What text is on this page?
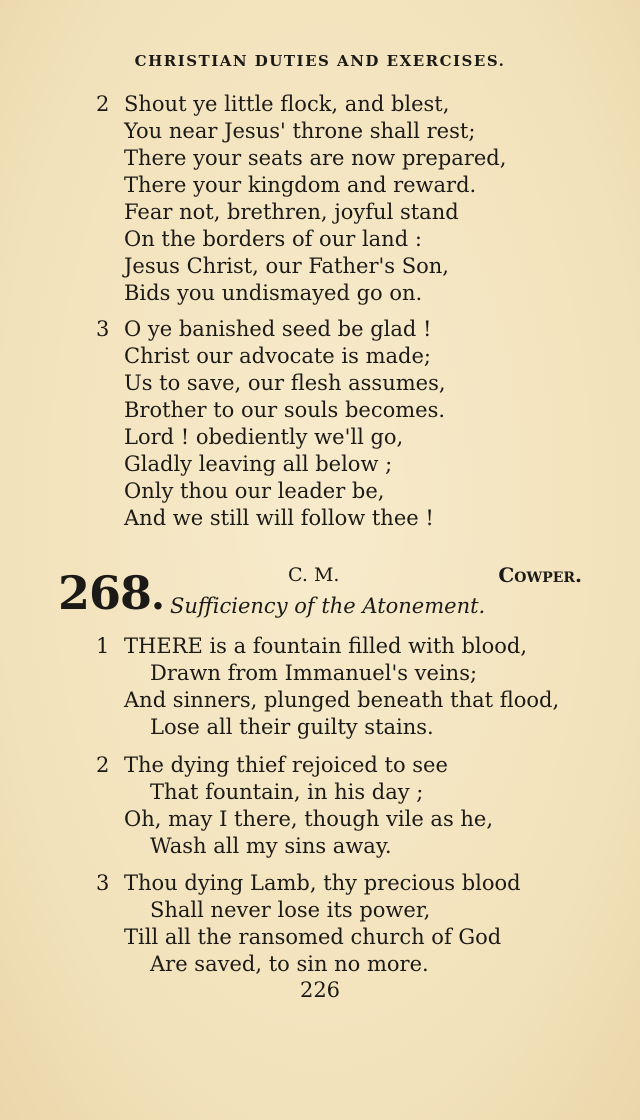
CHRISTIAN DUTIES AND EXERCISES.
2 Shout ye little flock, and blest,
You near Jesus' throne shall rest;
There your seats are now prepared,
There your kingdom and reward.
Fear not, brethren, joyful stand
On the borders of our land :
Jesus Christ, our Father's Son,
Bids you undismayed go on.
3 O ye banished seed be glad !
Christ our advocate is made;
Us to save, our flesh assumes,
Brother to our souls becomes.
Lord ! obediently we'll go,
Gladly leaving all below ;
Only thou our leader be,
And we still will follow thee !
268.	C. M.	Cowper.
Sufficiency of the Atonement.
1 THERE is a fountain filled with blood,
Drawn from Immanuel's veins;
And sinners, plunged beneath that flood,
Lose all their guilty stains.
2 The dying thief rejoiced to see
That fountain, in his day ;
Oh, may I there, though vile as he,
Wash all my sins away.
3 Thou dying Lamb, thy precious blood
Shall never lose its power,
Till all the ransomed church of God
Are saved, to sin no more.
226
